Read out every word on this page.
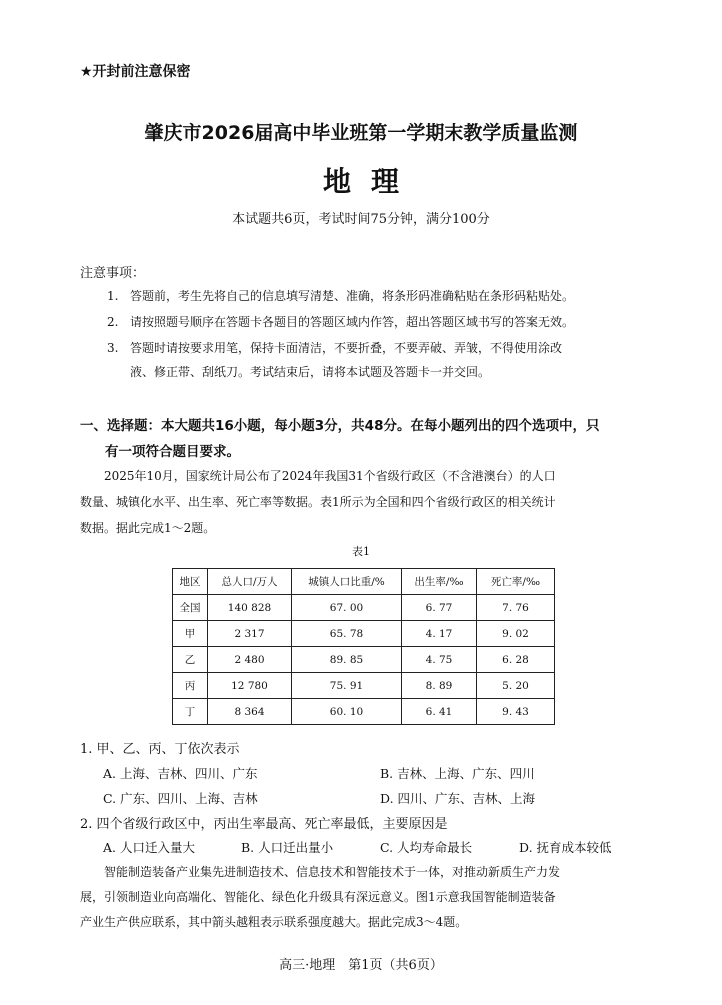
★开封前注意保密
肇庆市2026届高中毕业班第一学期末教学质量监测
地理
本试题共6页，考试时间75分钟，满分100分
注意事项：
1. 答题前，考生先将自己的信息填写清楚、准确，将条形码准确粘贴在条形码粘贴处。
2. 请按照题号顺序在答题卡各题目的答题区域内作答，超出答题区域书写的答案无效。
3. 答题时请按要求用笔，保持卡面清洁，不要折叠，不要弄破、弄皱，不得使用涂改
液、修正带、刮纸刀。考试结束后，请将本试题及答题卡一并交回。
一、选择题：本大题共16小题，每小题3分，共48分。在每小题列出的四个选项中，只
有一项符合题目要求。
2025年10月，国家统计局公布了2024年我国31个省级行政区（不含港澳台）的人口
数量、城镇化水平、出生率、死亡率等数据。表1所示为全国和四个省级行政区的相关统计
数据。据此完成1～2题。
表1
地区	总人口/万人	城镇人口比重/%	出生率/‰	死亡率/‰
全国	140 828	67. 00	6. 77	7. 76
甲	2 317	65. 78	4. 17	9. 02
乙	2 480	89. 85	4. 75	6. 28
丙	12 780	75. 91	8. 89	5. 20
丁	8 364	60. 10	6. 41	9. 43
1. 甲、乙、丙、丁依次表示
A. 上海、吉林、四川、广东	B. 吉林、上海、广东、四川
C. 广东、四川、上海、吉林	D. 四川、广东、吉林、上海
2. 四个省级行政区中，丙出生率最高、死亡率最低，主要原因是
A. 人口迁入量大	B. 人口迁出量小	C. 人均寿命最长	D. 抚育成本较低
智能制造装备产业集先进制造技术、信息技术和智能技术于一体，对推动新质生产力发
展，引领制造业向高端化、智能化、绿色化升级具有深远意义。图1示意我国智能制造装备
产业生产供应联系，其中箭头越粗表示联系强度越大。据此完成3～4题。
高三·地理　第1页（共6页）
